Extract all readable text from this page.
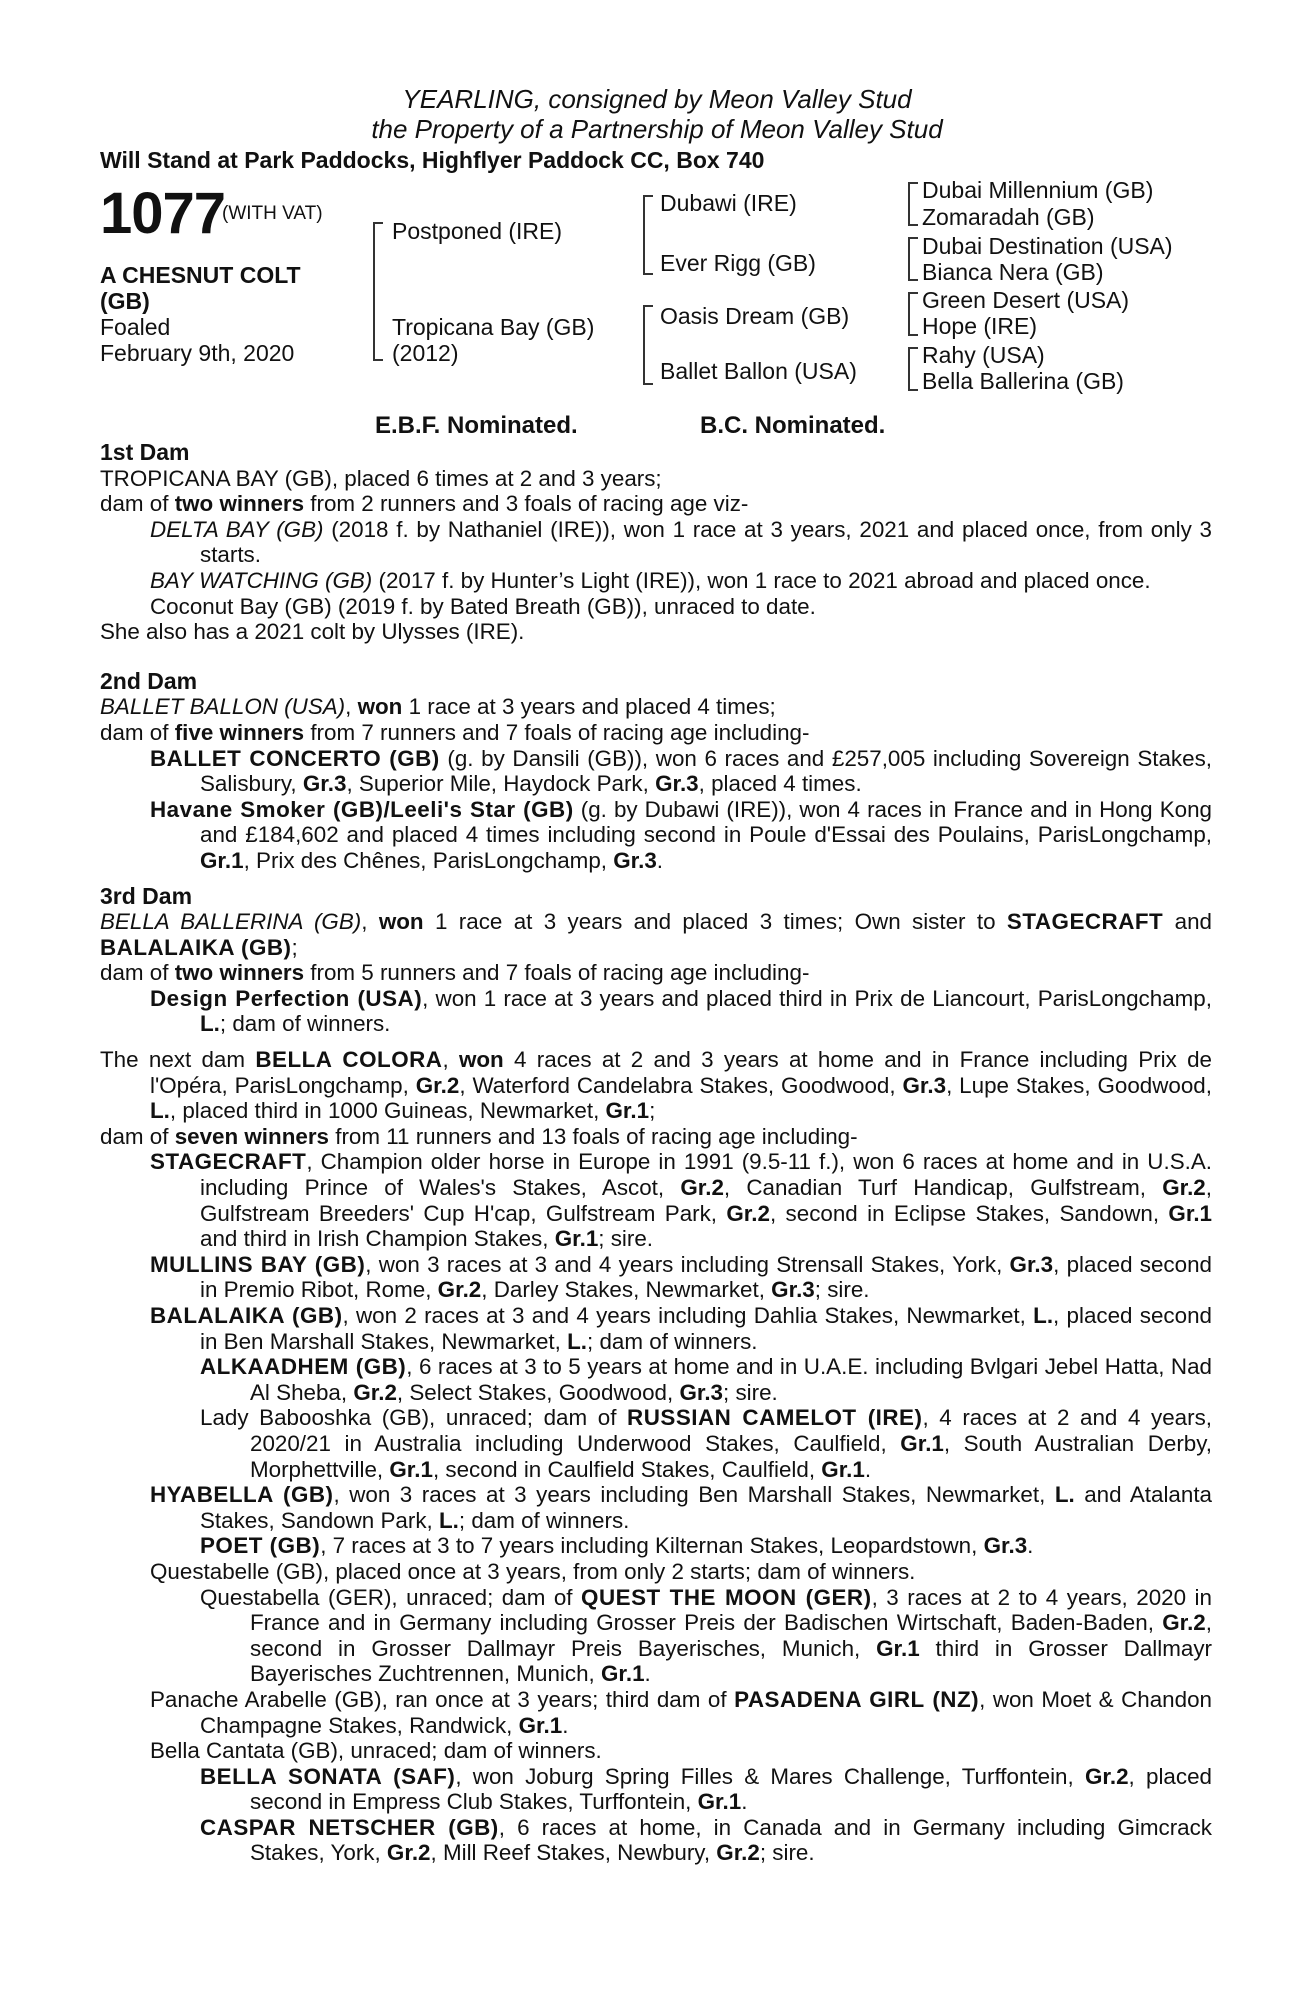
YEARLING, consigned by Meon Valley Stud
the Property of a Partnership of Meon Valley Stud
Will Stand at Park Paddocks, Highflyer Paddock CC, Box 740
1077
(WITH VAT)
A CHESNUT COLT
(GB)
Foaled
February 9th, 2020
Postponed (IRE)
Tropicana Bay (GB)
(2012)
Dubawi (IRE)
Ever Rigg (GB)
Oasis Dream (GB)
Ballet Ballon (USA)
Dubai Millennium (GB)
Zomaradah (GB)
Dubai Destination (USA)
Bianca Nera (GB)
Green Desert (USA)
Hope (IRE)
Rahy (USA)
Bella Ballerina (GB)
E.B.F. Nominated.	B.C. Nominated.
1st Dam

TROPICANA BAY (GB), placed 6 times at 2 and 3 years;

dam of two winners from 2 runners and 3 foals of racing age viz-

DELTA BAY (GB) (2018 f. by Nathaniel (IRE)), won 1 race at 3 years, 2021 and placed once, from only 3 starts.

BAY WATCHING (GB) (2017 f. by Hunter’s Light (IRE)), won 1 race to 2021 abroad and placed once.

Coconut Bay (GB) (2019 f. by Bated Breath (GB)), unraced to date.

She also has a 2021 colt by Ulysses (IRE).

2nd Dam

BALLET BALLON (USA), won 1 race at 3 years and placed 4 times;

dam of five winners from 7 runners and 7 foals of racing age including-

BALLET CONCERTO (GB) (g. by Dansili (GB)), won 6 races and £257,005 including Sovereign Stakes, Salisbury, Gr.3, Superior Mile, Haydock Park, Gr.3, placed 4 times.

Havane Smoker (GB)/Leeli's Star (GB) (g. by Dubawi (IRE)), won 4 races in France and in Hong Kong and £184,602 and placed 4 times including second in Poule d'Essai des Poulains, ParisLongchamp, Gr.1, Prix des Chênes, ParisLongchamp, Gr.3.

3rd Dam

BELLA BALLERINA (GB), won 1 race at 3 years and placed 3 times; Own sister to STAGECRAFT and BALALAIKA (GB);

dam of two winners from 5 runners and 7 foals of racing age including-

Design Perfection (USA), won 1 race at 3 years and placed third in Prix de Liancourt, ParisLongchamp, L.; dam of winners.

The next dam BELLA COLORA, won 4 races at 2 and 3 years at home and in France including Prix de l'Opéra, ParisLongchamp, Gr.2, Waterford Candelabra Stakes, Goodwood, Gr.3, Lupe Stakes, Goodwood, L., placed third in 1000 Guineas, Newmarket, Gr.1;

dam of seven winners from 11 runners and 13 foals of racing age including-

STAGECRAFT, Champion older horse in Europe in 1991 (9.5-11 f.), won 6 races at home and in U.S.A. including Prince of Wales's Stakes, Ascot, Gr.2, Canadian Turf Handicap, Gulfstream, Gr.2, Gulfstream Breeders' Cup H'cap, Gulfstream Park, Gr.2, second in Eclipse Stakes, Sandown, Gr.1 and third in Irish Champion Stakes, Gr.1; sire.

MULLINS BAY (GB), won 3 races at 3 and 4 years including Strensall Stakes, York, Gr.3, placed second in Premio Ribot, Rome, Gr.2, Darley Stakes, Newmarket, Gr.3; sire.

BALALAIKA (GB), won 2 races at 3 and 4 years including Dahlia Stakes, Newmarket, L., placed second in Ben Marshall Stakes, Newmarket, L.; dam of winners.

ALKAADHEM (GB), 6 races at 3 to 5 years at home and in U.A.E. including Bvlgari Jebel Hatta, Nad Al Sheba, Gr.2, Select Stakes, Goodwood, Gr.3; sire.

Lady Babooshka (GB), unraced; dam of RUSSIAN CAMELOT (IRE), 4 races at 2 and 4 years, 2020/21 in Australia including Underwood Stakes, Caulfield, Gr.1, South Australian Derby, Morphettville, Gr.1, second in Caulfield Stakes, Caulfield, Gr.1.

HYABELLA (GB), won 3 races at 3 years including Ben Marshall Stakes, Newmarket, L. and Atalanta Stakes, Sandown Park, L.; dam of winners.

POET (GB), 7 races at 3 to 7 years including Kilternan Stakes, Leopardstown, Gr.3.

Questabelle (GB), placed once at 3 years, from only 2 starts; dam of winners.

Questabella (GER), unraced; dam of QUEST THE MOON (GER), 3 races at 2 to 4 years, 2020 in France and in Germany including Grosser Preis der Badischen Wirtschaft, Baden-Baden, Gr.2, second in Grosser Dallmayr Preis Bayerisches, Munich, Gr.1 third in Grosser Dallmayr Bayerisches Zuchtrennen, Munich, Gr.1.

Panache Arabelle (GB), ran once at 3 years; third dam of PASADENA GIRL (NZ), won Moet & Chandon Champagne Stakes, Randwick, Gr.1.

Bella Cantata (GB), unraced; dam of winners.

BELLA SONATA (SAF), won Joburg Spring Filles & Mares Challenge, Turffontein, Gr.2, placed second in Empress Club Stakes, Turffontein, Gr.1.

CASPAR NETSCHER (GB), 6 races at home, in Canada and in Germany including Gimcrack Stakes, York, Gr.2, Mill Reef Stakes, Newbury, Gr.2; sire.
